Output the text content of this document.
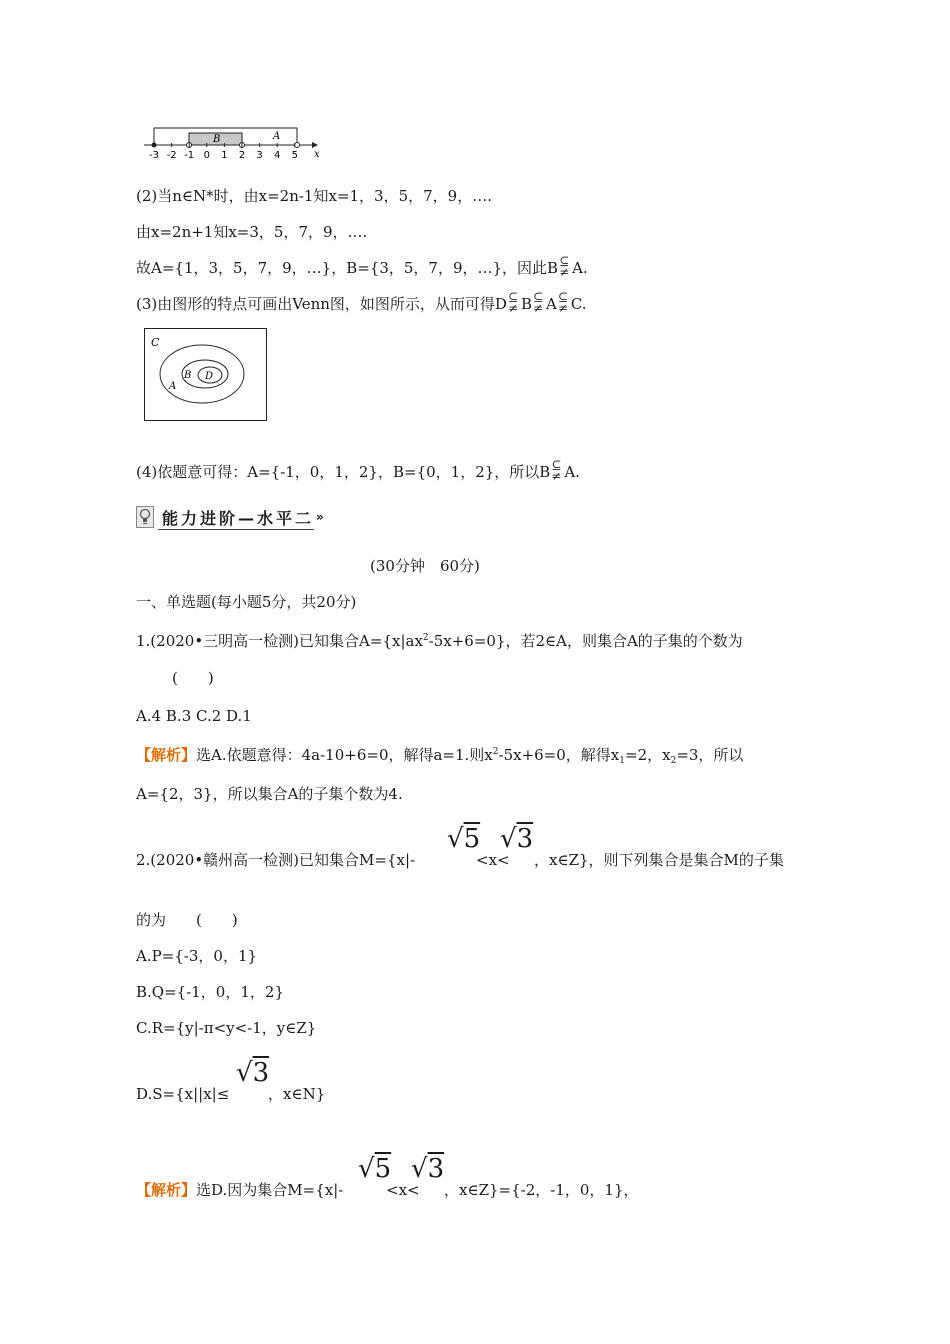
B	A
-3 -2 -1 0 1 2 3 4 5 x
(2)当n∈N*时，由x=2n-1知x=1，3，5，7，9，….
由x=2n+1知x=3，5，7，9，….
故A={1，3，5，7，9，…}，B={3，5，7，9，…}，因此B ⊆
≠ A.
(3)由图形的特点可画出Venn图，如图所示，从而可得D ⊆
≠ B ⊆
≠ A ⊆
≠ C.
C
A
B D
(4)依题意可得：A={-1，0，1，2}，B={0，1，2}，所以B ⊆
≠ A.
能力进阶—水平二 »
(30分钟　60分)
一、单选题(每小题5分，共20分)
1.(2020•三明高一检测)已知集合$A=\{x|ax^2-5x+6=0\}$，若2∈A，则集合A的子集的个数为
(　　)
A.4 B.3 C.2 D.1
【解析】选A.依题意得：4a-10+6=0，解得a=1.则$x^2-5x+6=0$，解得$x_1=2$，$x_2=3$，所以
A={2，3}，所以集合A的子集个数为4.
2.(2020•赣州高一检测)已知集合M={x|-
√5
<x<
√3
，x∈Z}，则下列集合是集合M的子集
的为　　(　　)
A.P={-3，0，1}
B.Q={-1，0，1，2}
C.R={y|-π<y<-1，y∈Z}
D.S={x||x|≤
√3
，x∈N}
【解析】选D.因为集合M={x|-
√5
<x<
√3
，x∈Z}={-2，-1，0，1}，
